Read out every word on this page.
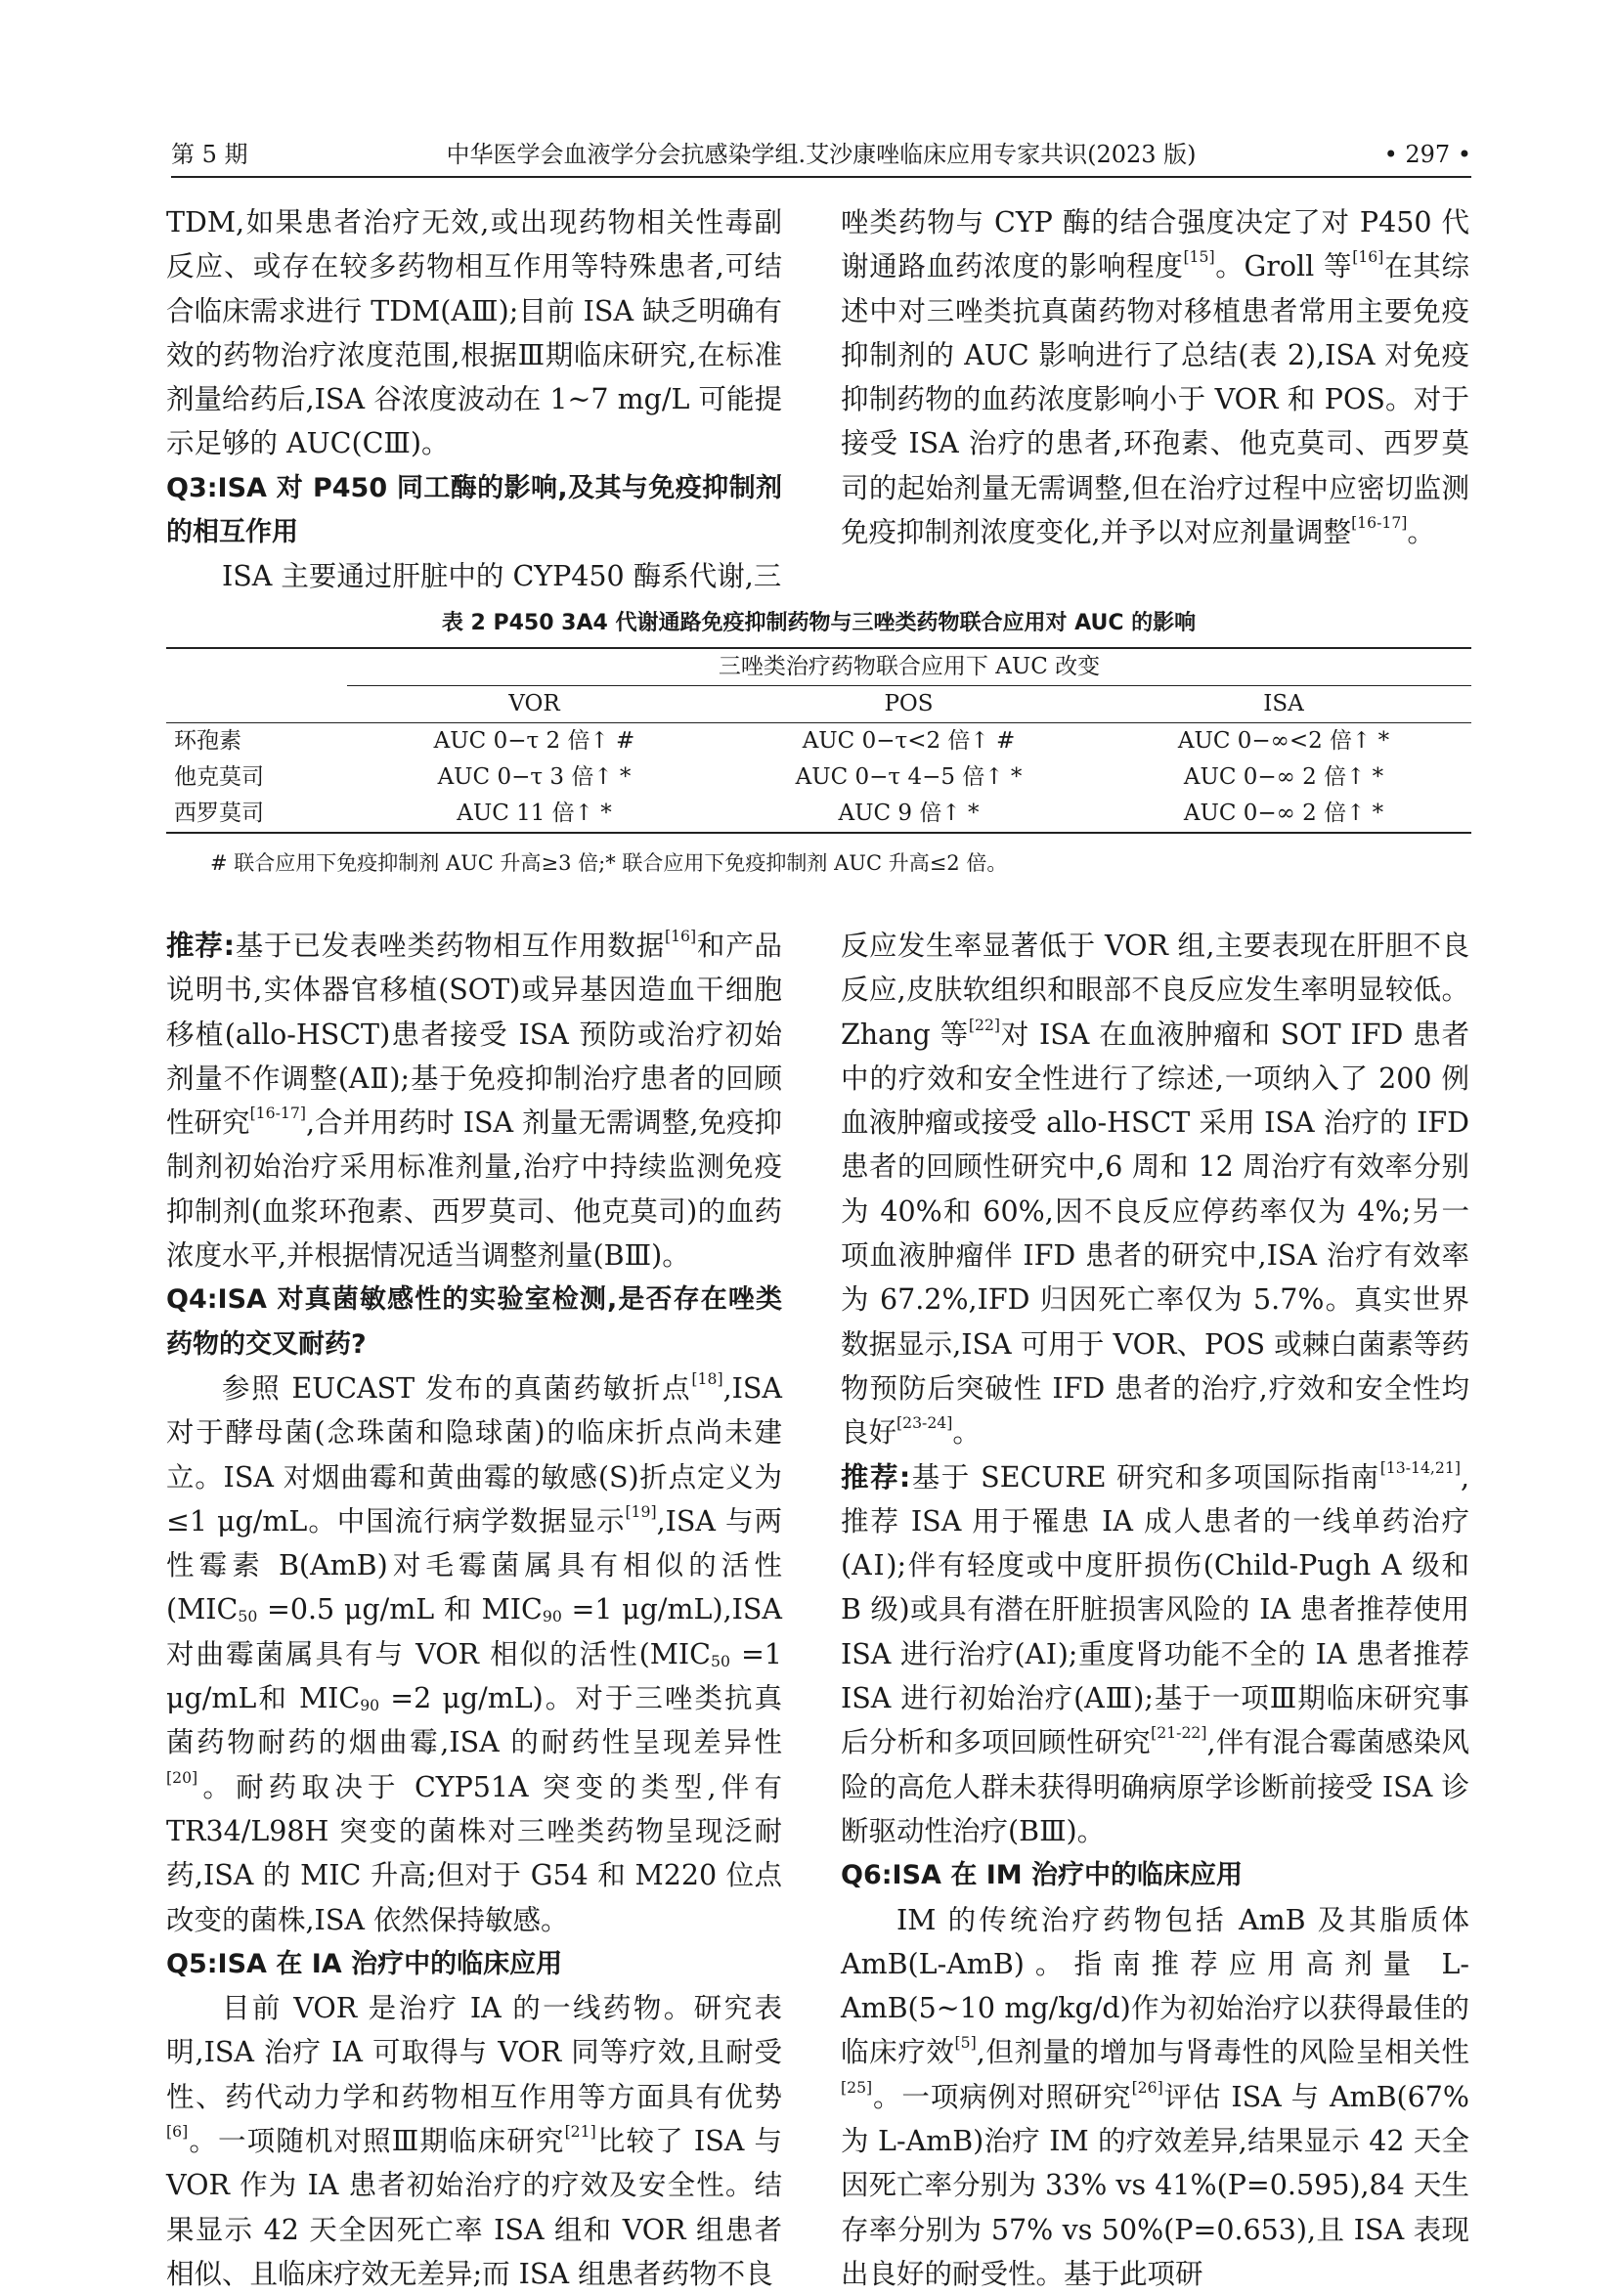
第 5 期	中华医学会血液学分会抗感染学组.艾沙康唑临床应用专家共识(2023 版)	• 297 •

TDM,如果患者治疗无效,或出现药物相关性毒副反应、或存在较多药物相互作用等特殊患者,可结合临床需求进行 TDM(AⅢ);目前 ISA 缺乏明确有效的药物治疗浓度范围,根据Ⅲ期临床研究,在标准剂量给药后,ISA 谷浓度波动在 1~7 mg/L 可能提示足够的 AUC(CⅢ)。

Q3:ISA 对 P450 同工酶的影响,及其与免疫抑制剂的相互作用

ISA 主要通过肝脏中的 CYP450 酶系代谢,三

唑类药物与 CYP 酶的结合强度决定了对 P450 代谢通路血药浓度的影响程度[15]。Groll 等[16]在其综述中对三唑类抗真菌药物对移植患者常用主要免疫抑制剂的 AUC 影响进行了总结(表 2),ISA 对免疫抑制药物的血药浓度影响小于 VOR 和 POS。对于接受 ISA 治疗的患者,环孢素、他克莫司、西罗莫司的起始剂量无需调整,但在治疗过程中应密切监测免疫抑制剂浓度变化,并予以对应剂量调整[16-17]。

表 2 P450 3A4 代谢通路免疫抑制药物与三唑类药物联合应用对 AUC 的影响
	三唑类治疗药物联合应用下 AUC 改变		
	VOR	POS	ISA
环孢素	AUC 0−τ 2 倍↑ #	AUC 0−τ<2 倍↑ #	AUC 0−∞<2 倍↑ *
他克莫司	AUC 0−τ 3 倍↑ *	AUC 0−τ 4−5 倍↑ *	AUC 0−∞ 2 倍↑ *
西罗莫司	AUC 11 倍↑ *	AUC 9 倍↑ *	AUC 0−∞ 2 倍↑ *
# 联合应用下免疫抑制剂 AUC 升高≥3 倍;* 联合应用下免疫抑制剂 AUC 升高≤2 倍。

推荐:基于已发表唑类药物相互作用数据[16]和产品说明书,实体器官移植(SOT)或异基因造血干细胞移植(allo-HSCT)患者接受 ISA 预防或治疗初始剂量不作调整(AⅡ);基于免疫抑制治疗患者的回顾性研究[16-17],合并用药时 ISA 剂量无需调整,免疫抑制剂初始治疗采用标准剂量,治疗中持续监测免疫抑制剂(血浆环孢素、西罗莫司、他克莫司)的血药浓度水平,并根据情况适当调整剂量(BⅢ)。

Q4:ISA 对真菌敏感性的实验室检测,是否存在唑类药物的交叉耐药?

参照 EUCAST 发布的真菌药敏折点[18],ISA 对于酵母菌(念珠菌和隐球菌)的临床折点尚未建立。ISA 对烟曲霉和黄曲霉的敏感(S)折点定义为 ≤1 μg/mL。中国流行病学数据显示[19],ISA 与两性霉素 B(AmB)对毛霉菌属具有相似的活性($MIC_{50} =0.5$ μg/mL 和 $MIC_{90} =1$ μg/mL),ISA 对曲霉菌属具有与 VOR 相似的活性($MIC_{50} =1$ μg/mL和 $MIC_{90} =2$ μg/mL)。对于三唑类抗真菌药物耐药的烟曲霉,ISA 的耐药性呈现差异性[20]。耐药取决于 CYP51A 突变的类型,伴有 TR34/L98H 突变的菌株对三唑类药物呈现泛耐药,ISA 的 MIC 升高;但对于 G54 和 M220 位点改变的菌株,ISA 依然保持敏感。

Q5:ISA 在 IA 治疗中的临床应用

目前 VOR 是治疗 IA 的一线药物。研究表明,ISA 治疗 IA 可取得与 VOR 同等疗效,且耐受性、药代动力学和药物相互作用等方面具有优势[6]。一项随机对照Ⅲ期临床研究[21]比较了 ISA 与 VOR 作为 IA 患者初始治疗的疗效及安全性。结果显示 42 天全因死亡率 ISA 组和 VOR 组患者相似、且临床疗效无差异;而 ISA 组患者药物不良

反应发生率显著低于 VOR 组,主要表现在肝胆不良反应,皮肤软组织和眼部不良反应发生率明显较低。Zhang 等[22]对 ISA 在血液肿瘤和 SOT IFD 患者中的疗效和安全性进行了综述,一项纳入了 200 例血液肿瘤或接受 allo-HSCT 采用 ISA 治疗的 IFD 患者的回顾性研究中,6 周和 12 周治疗有效率分别为 40%和 60%,因不良反应停药率仅为 4%;另一项血液肿瘤伴 IFD 患者的研究中,ISA 治疗有效率为 67.2%,IFD 归因死亡率仅为 5.7%。真实世界数据显示,ISA 可用于 VOR、POS 或棘白菌素等药物预防后突破性 IFD 患者的治疗,疗效和安全性均良好[23-24]。

推荐:基于 SECURE 研究和多项国际指南[13-14,21],推荐 ISA 用于罹患 IA 成人患者的一线单药治疗(AⅠ);伴有轻度或中度肝损伤(Child-Pugh A 级和 B 级)或具有潜在肝脏损害风险的 IA 患者推荐使用 ISA 进行治疗(AⅠ);重度肾功能不全的 IA 患者推荐 ISA 进行初始治疗(AⅢ);基于一项Ⅲ期临床研究事后分析和多项回顾性研究[21-22],伴有混合霉菌感染风险的高危人群未获得明确病原学诊断前接受 ISA 诊断驱动性治疗(BⅢ)。

Q6:ISA 在 IM 治疗中的临床应用

IM 的传统治疗药物包括 AmB 及其脂质体 AmB(L-AmB)。指南推荐应用高剂量 L-AmB(5~10 mg/kg/d)作为初始治疗以获得最佳的临床疗效[5],但剂量的增加与肾毒性的风险呈相关性[25]。一项病例对照研究[26]评估 ISA 与 AmB(67%为 L-AmB)治疗 IM 的疗效差异,结果显示 42 天全因死亡率分别为 33% vs 41%(P=0.595),84 天生存率分别为 57% vs 50%(P=0.653),且 ISA 表现出良好的耐受性。基于此项研
